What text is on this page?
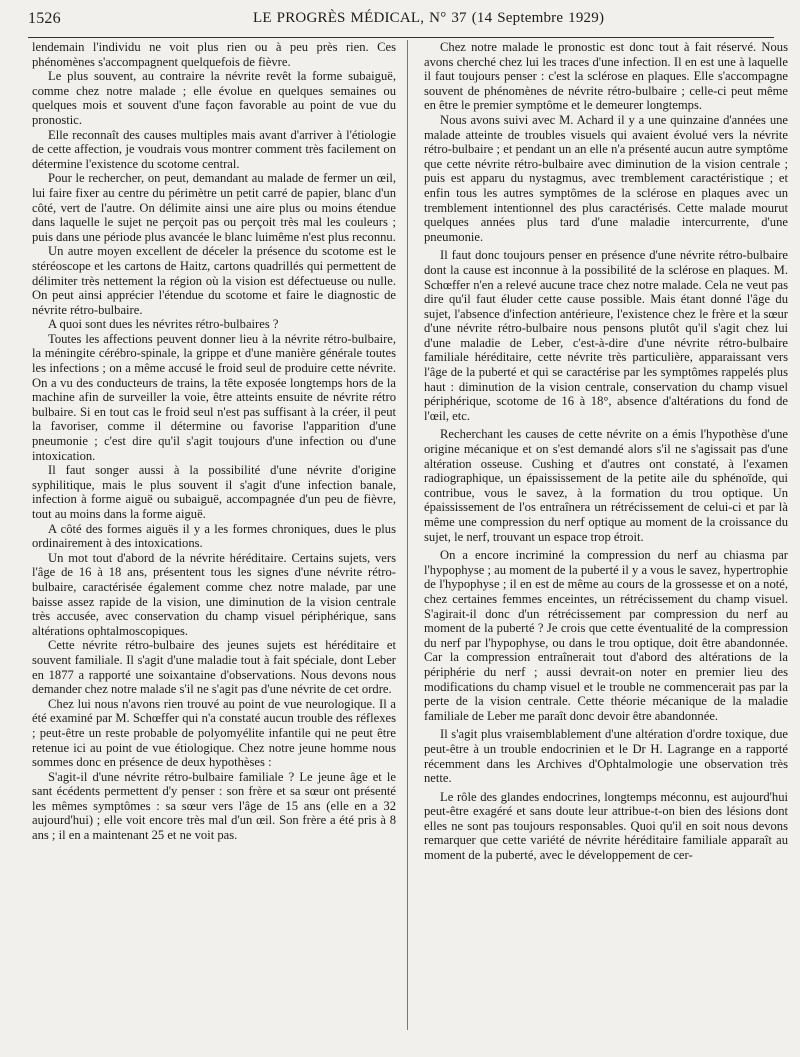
1526	LE PROGRÈS MÉDICAL, N° 37 (14 Septembre 1929)

lendemain l'individu ne voit plus rien ou à peu près rien. Ces phénomènes s'accompagnent quelquefois de fièvre.

Le plus souvent, au contraire la névrite revêt la forme subaiguë, comme chez notre malade ; elle évolue en quelques semaines ou quelques mois et souvent d'une façon favorable au point de vue du pronostic.

Elle reconnaît des causes multiples mais avant d'arriver à l'étiologie de cette affection, je voudrais vous montrer comment très facilement on détermine l'existence du scotome central.

Pour le rechercher, on peut, demandant au malade de fermer un œil, lui faire fixer au centre du périmètre un petit carré de papier, blanc d'un côté, vert de l'autre. On délimite ainsi une aire plus ou moins étendue dans laquelle le sujet ne perçoit pas ou perçoit très mal les couleurs ; puis dans une période plus avancée le blanc luimême n'est plus reconnu.

Un autre moyen excellent de déceler la présence du scotome est le stéréoscope et les cartons de Haitz, cartons quadrillés qui permettent de délimiter très nettement la région où la vision est défectueuse ou nulle. On peut ainsi apprécier l'étendue du scotome et faire le diagnostic de névrite rétro-bulbaire.

A quoi sont dues les névrites rétro-bulbaires ?

Toutes les affections peuvent donner lieu à la névrite rétro-bulbaire, la méningite cérébro-spinale, la grippe et d'une manière générale toutes les infections ; on a même accusé le froid seul de produire cette névrite. On a vu des conducteurs de trains, la tête exposée longtemps hors de la machine afin de surveiller la voie, être atteints ensuite de névrite rétro bulbaire. Si en tout cas le froid seul n'est pas suffisant à la créer, il peut la favoriser, comme il détermine ou favorise l'apparition d'une pneumonie ; c'est dire qu'il s'agit toujours d'une infection ou d'une intoxication.

Il faut songer aussi à la possibilité d'une névrite d'origine syphilitique, mais le plus souvent il s'agit d'une infection banale, infection à forme aiguë ou subaiguë, accompagnée d'un peu de fièvre, tout au moins dans la forme aiguë.

A côté des formes aiguës il y a les formes chroniques, dues le plus ordinairement à des intoxications.

Un mot tout d'abord de la névrite héréditaire. Certains sujets, vers l'âge de 16 à 18 ans, présentent tous les signes d'une névrite rétro-bulbaire, caractérisée également comme chez notre malade, par une baisse assez rapide de la vision, une diminution de la vision centrale très accusée, avec conservation du champ visuel périphérique, sans altérations ophtalmoscopiques.

Cette névrite rétro-bulbaire des jeunes sujets est héréditaire et souvent familiale. Il s'agit d'une maladie tout à fait spéciale, dont Leber en 1877 a rapporté une soixantaine d'observations. Nous devons nous demander chez notre malade s'il ne s'agit pas d'une névrite de cet ordre.

Chez lui nous n'avons rien trouvé au point de vue neurologique. Il a été examiné par M. Schœffer qui n'a constaté aucun trouble des réflexes ; peut-être un reste probable de polyomyélite infantile qui ne peut être retenue ici au point de vue étiologique. Chez notre jeune homme nous sommes donc en présence de deux hypothèses :

S'agit-il d'une névrite rétro-bulbaire familiale ? Le jeune âge et le sant écédents permettent d'y penser : son frère et sa sœur ont présenté les mêmes symptômes : sa sœur vers l'âge de 15 ans (elle en a 32 aujourd'hui) ; elle voit encore très mal d'un œil. Son frère a été pris à 8 ans ; il en a maintenant 25 et ne voit pas.

Chez notre malade le pronostic est donc tout à fait réservé. Nous avons cherché chez lui les traces d'une infection. Il en est une à laquelle il faut toujours penser : c'est la sclérose en plaques. Elle s'accompagne souvent de phénomènes de névrite rétro-bulbaire ; celle-ci peut même en être le premier symptôme et le demeurer longtemps.

Nous avons suivi avec M. Achard il y a une quinzaine d'années une malade atteinte de troubles visuels qui avaient évolué vers la névrite rétro-bulbaire ; et pendant un an elle n'a présenté aucun autre symptôme que cette névrite rétro-bulbaire avec diminution de la vision centrale ; puis est apparu du nystagmus, avec tremblement caractéristique ; et enfin tous les autres symptômes de la sclérose en plaques avec un tremblement intentionnel des plus caractérisés. Cette malade mourut quelques années plus tard d'une maladie intercurrente, d'une pneumonie.

Il faut donc toujours penser en présence d'une névrite rétro-bulbaire dont la cause est inconnue à la possibilité de la sclérose en plaques. M. Schœffer n'en a relevé aucune trace chez notre malade. Cela ne veut pas dire qu'il faut éluder cette cause possible. Mais étant donné l'âge du sujet, l'absence d'infection antérieure, l'existence chez le frère et la sœur d'une névrite rétro-bulbaire nous pensons plutôt qu'il s'agit chez lui d'une maladie de Leber, c'est-à-dire d'une névrite rétro-bulbaire familiale héréditaire, cette névrite très particulière, apparaissant vers l'âge de la puberté et qui se caractérise par les symptômes rappelés plus haut : diminution de la vision centrale, conservation du champ visuel périphérique, scotome de 16 à 18°, absence d'altérations du fond de l'œil, etc.

Recherchant les causes de cette névrite on a émis l'hypothèse d'une origine mécanique et on s'est demandé alors s'il ne s'agissait pas d'une altération osseuse. Cushing et d'autres ont constaté, à l'examen radiographique, un épaississement de la petite aile du sphénoïde, qui contribue, vous le savez, à la formation du trou optique. Un épaississement de l'os entraînera un rétrécissement de celui-ci et par là même une compression du nerf optique au moment de la croissance du sujet, le nerf, trouvant un espace trop étroit.

On a encore incriminé la compression du nerf au chiasma par l'hypophyse ; au moment de la puberté il y a vous le savez, hypertrophie de l'hypophyse ; il en est de même au cours de la grossesse et on a noté, chez certaines femmes enceintes, un rétrécissement du champ visuel. S'agirait-il donc d'un rétrécissement par compression du nerf au moment de la puberté ? Je crois que cette éventualité de la compression du nerf par l'hypophyse, ou dans le trou optique, doit être abandonnée. Car la compression entraînerait tout d'abord des altérations de la périphérie du nerf ; aussi devrait-on noter en premier lieu des modifications du champ visuel et le trouble ne commencerait pas par la perte de la vision centrale. Cette théorie mécanique de la maladie familiale de Leber me paraît donc devoir être abandonnée.

Il s'agit plus vraisemblablement d'une altération d'ordre toxique, due peut-être à un trouble endocrinien et le Dr H. Lagrange en a rapporté récemment dans les Archives d'Ophtalmologie une observation très nette.

Le rôle des glandes endocrines, longtemps méconnu, est aujourd'hui peut-être exagéré et sans doute leur attribue-t-on bien des lésions dont elles ne sont pas toujours responsables. Quoi qu'il en soit nous devons remarquer que cette variété de névrite héréditaire familiale apparaît au moment de la puberté, avec le développement de cer-
